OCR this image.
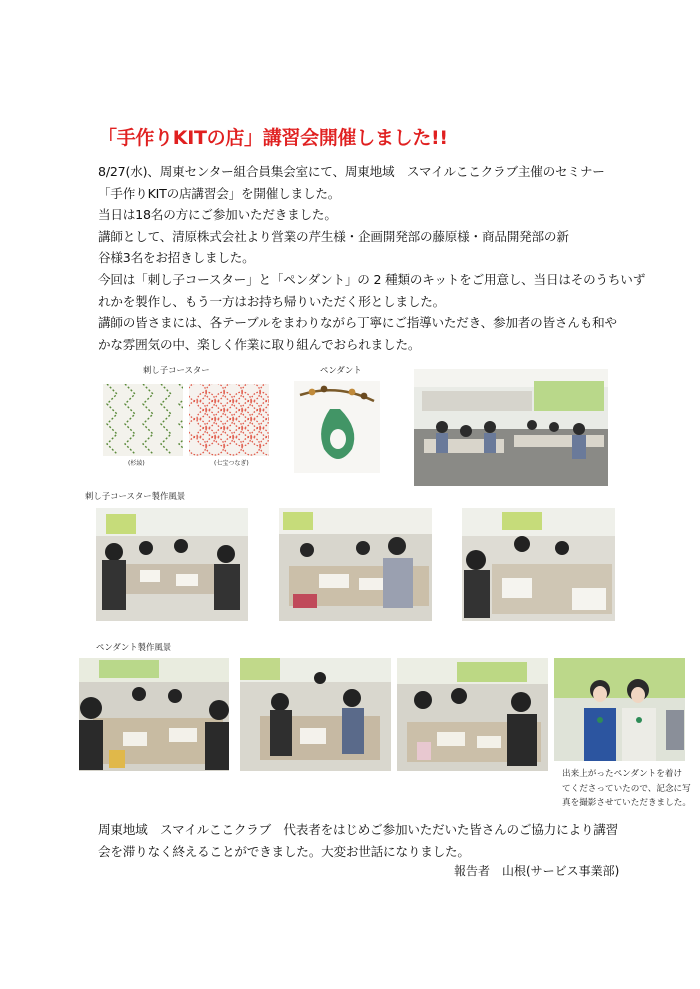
「手作りKITの店」講習会開催しました!!
8/27(水)、周東センター組合員集会室にて、周東地域　スマイルここクラブ主催のセミナー
「手作りKITの店講習会」を開催しました。
当日は18名の方にご参加いただきました。
講師として、清原株式会社より営業の芹生様・企画開発部の藤原様・商品開発部の新
谷様3名をお招きしました。
今回は「刺し子コースター」と「ペンダント」の 2 種類のキットをご用意し、当日はそのうちいず
れかを製作し、もう一方はお持ち帰りいただく形としました。
講師の皆さまには、各テーブルをまわりながら丁寧にご指導いただき、参加者の皆さんも和や
かな雰囲気の中、楽しく作業に取り組んでおられました。
刺し子コースター
(杉綾)	(七宝つなぎ)
ペンダント
刺し子コースター製作風景
ペンダント製作風景
出来上がったペンダントを着け
てくださっていたので、記念に写
真を撮影させていただきました。
周東地域　スマイルここクラブ　代表者をはじめご参加いただいた皆さんのご協力により講習
会を滞りなく終えることができました。大変お世話になりました。
報告者　山根(サービス事業部)
